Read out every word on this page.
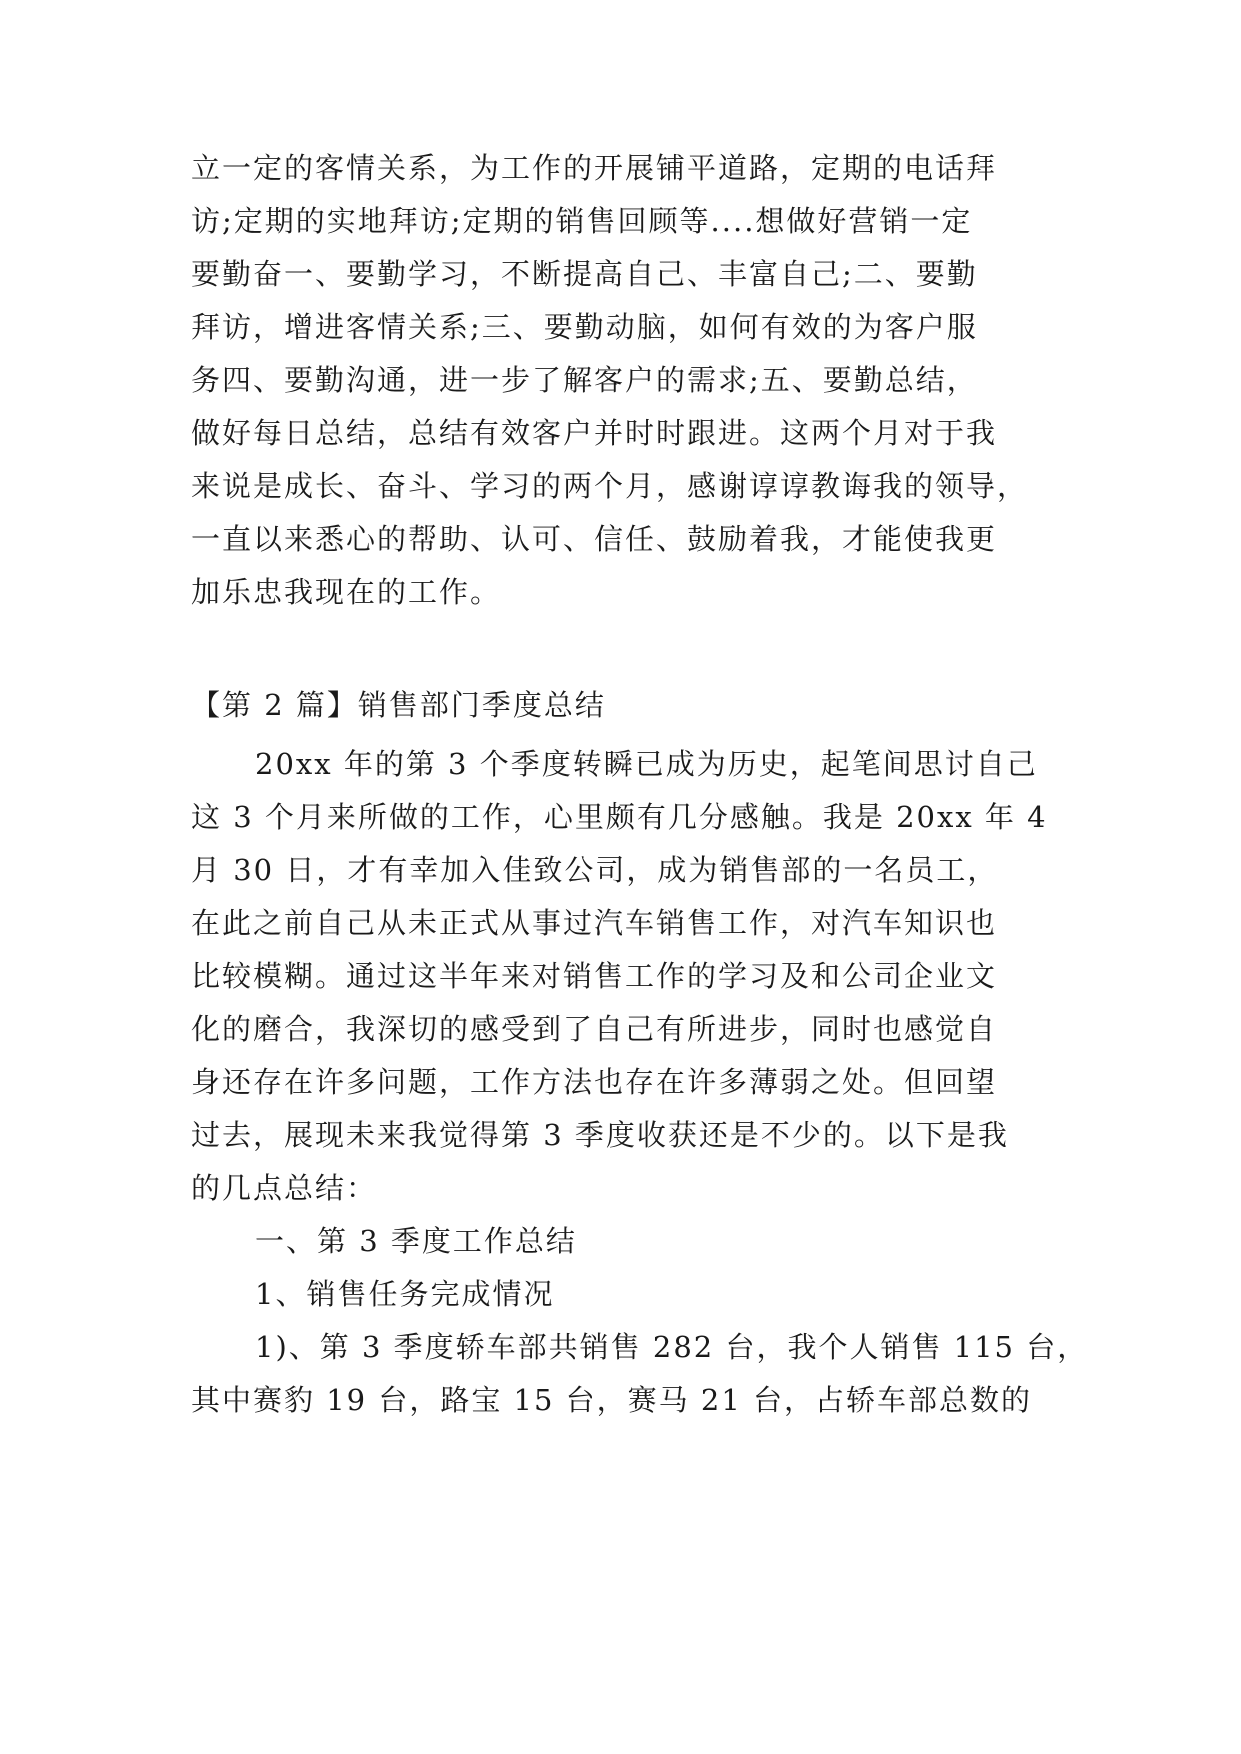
立一定的客情关系，为工作的开展铺平道路，定期的电话拜
访;定期的实地拜访;定期的销售回顾等....想做好营销一定
要勤奋一、要勤学习，不断提高自己、丰富自己;二、要勤
拜访，增进客情关系;三、要勤动脑，如何有效的为客户服
务四、要勤沟通，进一步了解客户的需求;五、要勤总结，
做好每日总结，总结有效客户并时时跟进。这两个月对于我
来说是成长、奋斗、学习的两个月，感谢谆谆教诲我的领导，
一直以来悉心的帮助、认可、信任、鼓励着我，才能使我更
加乐忠我现在的工作。
【第 2 篇】销售部门季度总结
20xx 年的第 3 个季度转瞬已成为历史，起笔间思讨自己
这 3 个月来所做的工作，心里颇有几分感触。我是 20xx 年 4
月 30 日，才有幸加入佳致公司，成为销售部的一名员工，
在此之前自己从未正式从事过汽车销售工作，对汽车知识也
比较模糊。通过这半年来对销售工作的学习及和公司企业文
化的磨合，我深切的感受到了自己有所进步，同时也感觉自
身还存在许多问题，工作方法也存在许多薄弱之处。但回望
过去，展现未来我觉得第 3 季度收获还是不少的。以下是我
的几点总结：
一、第 3 季度工作总结
1、销售任务完成情况
1)、第 3 季度轿车部共销售 282 台，我个人销售 115 台，
其中赛豹 19 台，路宝 15 台，赛马 21 台，占轿车部总数的
